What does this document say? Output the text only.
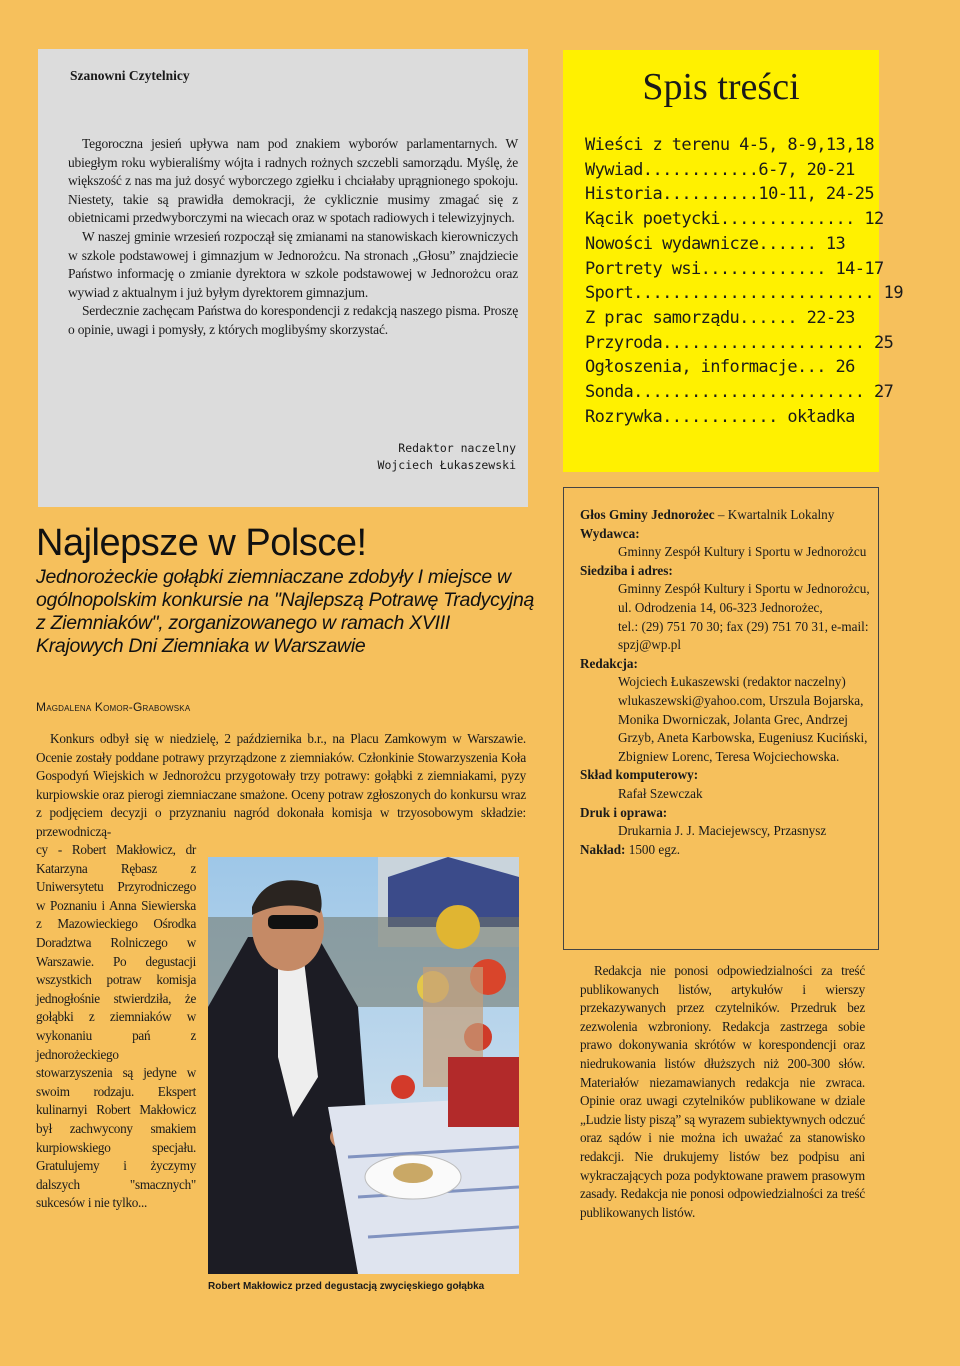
Szanowni Czytelnicy

Tegoroczna jesień upływa nam pod znakiem wyborów parlamentarnych. W ubiegłym roku wybieraliśmy wójta i radnych rożnych szczebli samorządu. Myślę, że większość z nas ma już dosyć wyborczego zgiełku i chciałaby uprągnionego spokoju. Niestety, takie są prawidła demokracji, że cyklicznie musimy zmagać się z obietnicami przedwyborczymi na wiecach oraz w spotach radiowych i telewizyjnych.

W naszej gminie wrzesień rozpoczął się zmianami na stanowiskach kierowniczych w szkole podstawowej i gimnazjum w Jednorożcu. Na stronach „Głosu” znajdziecie Państwo informację o zmianie dyrektora w szkole podstawowej w Jednorożcu oraz wywiad z aktualnym i już byłym dyrektorem gimnazjum.

Serdecznie zachęcam Państwa do korespondencji z redakcją naszego pisma. Proszę o opinie, uwagi i pomysły, z których moglibyśmy skorzystać.

Redaktor naczelny
Wojciech Łukaszewski
Spis treści
Wieści z terenu 4-5, 8-9,13,18
Wywiad............6-7, 20-21
Historia..........10-11, 24-25
Kącik poetycki.............. 12
Nowości wydawnicze...... 13
Portrety wsi............. 14-17
Sport......................... 19
Z prac samorządu...... 22-23
Przyroda..................... 25
Ogłoszenia, informacje... 26
Sonda........................ 27
Rozrywka............ okładka
Najlepsze w Polsce!
Jednorożeckie gołąbki ziemniaczane zdobyły I miejsce w ogólnopolskim konkursie na "Najlepszą Potrawę Tradycyjną z Ziemniaków", zorganizowanego w ramach XVIII Krajowych Dni Ziemniaka w Warszawie
Magdalena Komor-Grabowska

Konkurs odbył się w niedzielę, 2 października b.r., na Placu Zamkowym w Warszawie. Ocenie zostały poddane potrawy przyrządzone z ziemniaków. Członkinie Stowarzyszenia Koła Gospodyń Wiejskich w Jednorożcu przygotowały trzy potrawy: gołąbki z ziemniakami, pyzy kurpiowskie oraz pierogi ziemniaczane smażone. Oceny potraw zgłoszonych do konkursu wraz z podjęciem decyzji o przyznaniu nagród dokonała komisja w trzyosobowym składzie: przewodniczą-

cy - Robert Makłowicz, dr Katarzyna Rębasz z Uniwersytetu Przyrodniczego w Poznaniu i Anna Siewierska z Mazowieckiego Ośrodka Doradztwa Rolniczego w Warszawie. Po degustacji wszystkich potraw komisja jednogłośnie stwierdziła, że gołąbki z ziemniaków w wykonaniu pań z jednorożeckiego stowarzyszenia są jedyne w swoim rodzaju. Ekspert kulinarnyi Robert Makłowicz był zachwycony smakiem kurpiowskiego specjału. Gratulujemy i życzymy dalszych "smacznych" sukcesów i nie tylko...
Robert Makłowicz przed degustacją zwycięskiego gołąbka
Głos Gminy Jednorożec – Kwartalnik Lokalny
Wydawca:
Gminny Zespół Kultury i Sportu w Jednorożcu
Siedziba i adres:
Gminny Zespół Kultury i Sportu w Jednorożcu,
ul. Odrodzenia 14, 06-323 Jednorożec,
tel.: (29) 751 70 30; fax (29) 751 70 31, e-mail: spzj@wp.pl
Redakcja:
Wojciech Łukaszewski (redaktor naczelny) wlukaszewski@yahoo.com, Urszula Bojarska, Monika Dworniczak, Jolanta Grec, Andrzej Grzyb, Aneta Karbowska, Eugeniusz Kuciński, Zbigniew Lorenc, Teresa Wojciechowska.
Skład komputerowy:
Rafał Szewczak
Druk i oprawa:
Drukarnia J. J. Maciejewscy, Przasnysz
Nakład: 1500 egz.

Redakcja nie ponosi odpowiedzialności za treść publikowanych listów, artykułów i wierszy przekazywanych przez czytelników. Przedruk bez zezwolenia wzbroniony. Redakcja zastrzega sobie prawo dokonywania skrótów w korespondencji oraz niedrukowania listów dłuższych niż 200-300 słów. Materiałów niezamawianych redakcja nie zwraca. Opinie oraz uwagi czytelników publikowane w dziale „Ludzie listy piszą” są wyrazem subiektywnych odczuć oraz sądów i nie można ich uważać za stanowisko redakcji. Nie drukujemy listów bez podpisu ani wykraczających poza podyktowane prawem prasowym zasady. Redakcja nie ponosi odpowiedzialności za treść publikowanych listów.
